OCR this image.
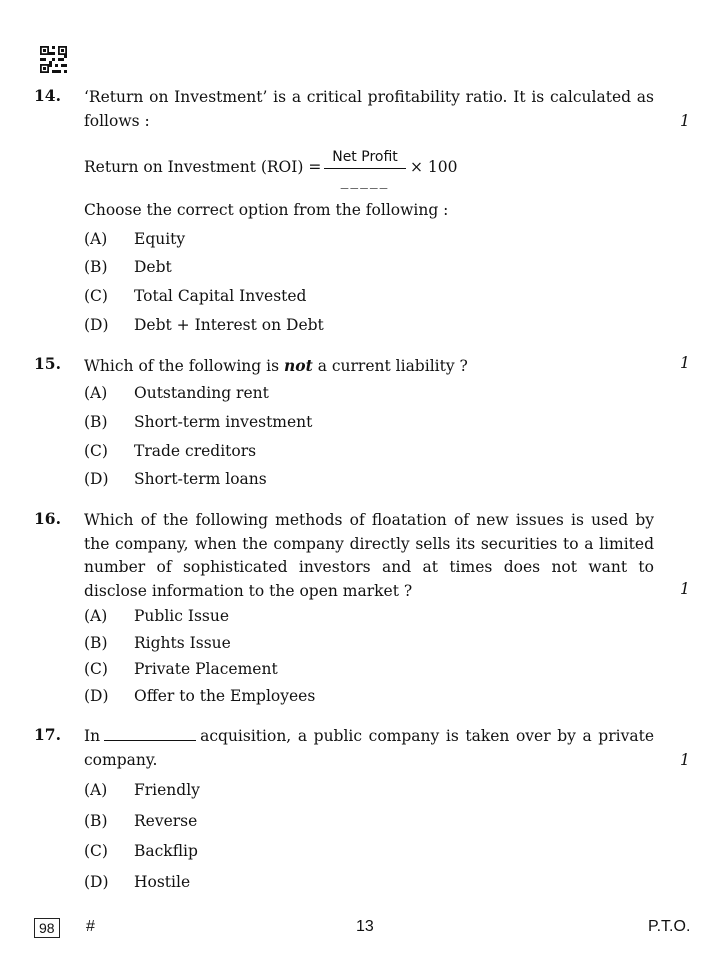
14. ‘Return on Investment’ is a critical profitability ratio. It is calculated as follows :	1
Return on Investment (ROI) =
Net Profit
_____
× 100
Choose the correct option from the following :
(A) Equity
(B) Debt
(C) Total Capital Invested
(D) Debt + Interest on Debt
15. Which of the following is not a current liability ?	1
(A) Outstanding rent
(B) Short-term investment
(C) Trade creditors
(D) Short-term loans
16. Which of the following methods of floatation of new issues is used by the company, when the company directly sells its securities to a limited number of sophisticated investors and at times does not want to disclose information to the open market ?	1
(A) Public Issue
(B) Rights Issue
(C) Private Placement
(D) Offer to the Employees
17. In	acquisition, a public company is taken over by a private company.	1
(A) Friendly
(B) Reverse
(C) Backflip
(D) Hostile
98	#	13	P.T.O.
